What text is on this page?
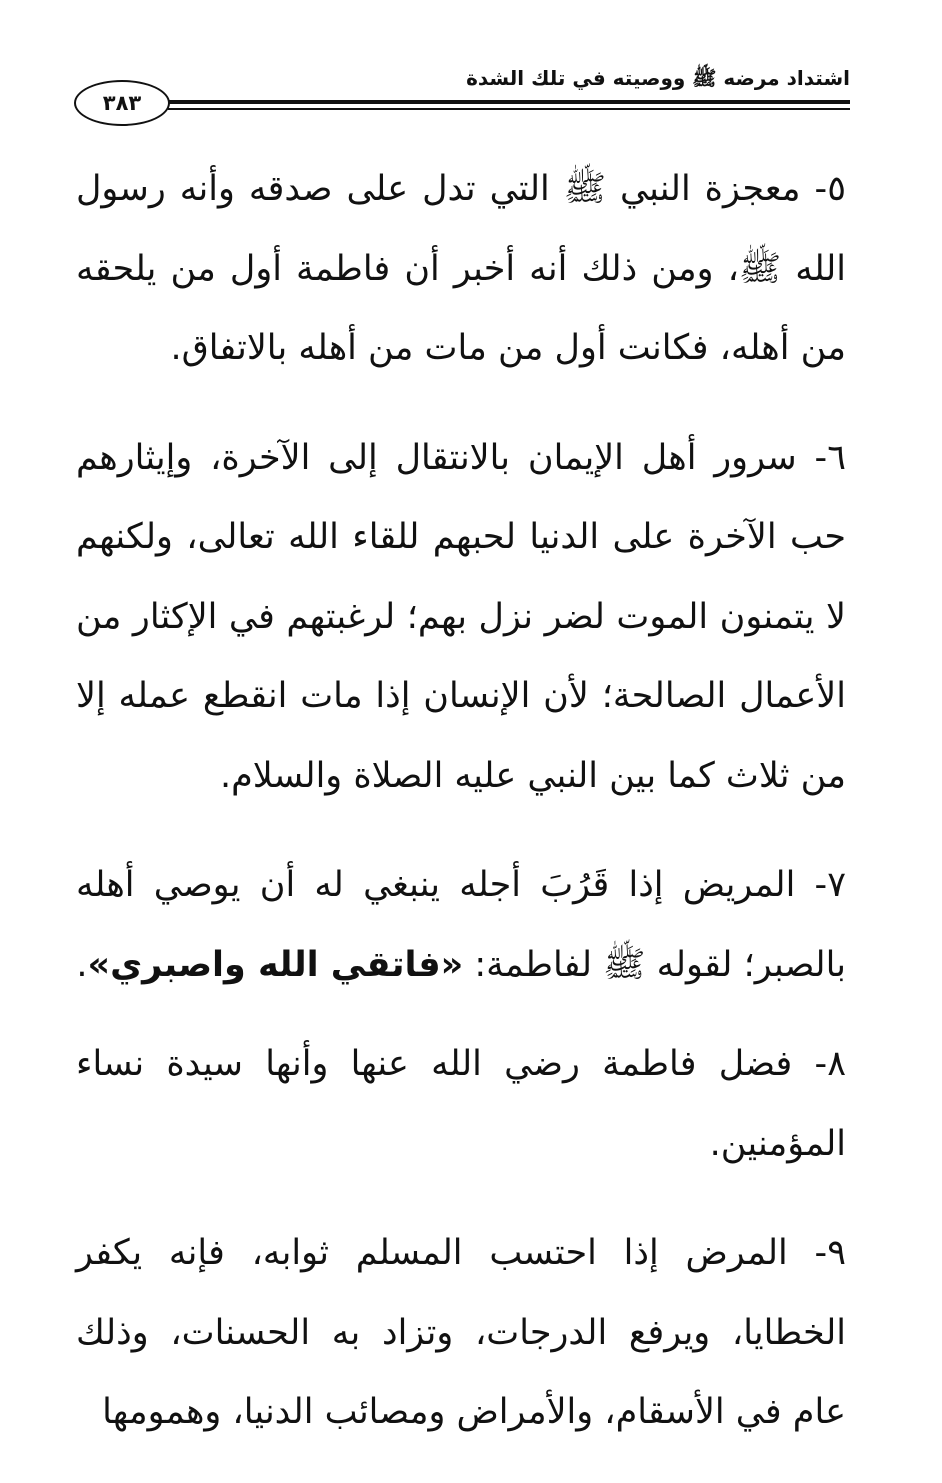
اشتداد مرضه ﷺ ووصيته في تلك الشدة
٣٨٣

٥- معجزة النبي ﷺ التي تدل على صدقه وأنه رسول الله ﷺ، ومن ذلك أنه أخبر أن فاطمة أول من يلحقه من أهله، فكانت أول من مات من أهله بالاتفاق.

٦- سرور أهل الإيمان بالانتقال إلى الآخرة، وإيثارهم حب الآخرة على الدنيا لحبهم للقاء الله تعالى، ولكنهم لا يتمنون الموت لضر نزل بهم؛ لرغبتهم في الإكثار من الأعمال الصالحة؛ لأن الإنسان إذا مات انقطع عمله إلا من ثلاث كما بين النبي عليه الصلاة والسلام.

٧- المريض إذا قَرُبَ أجله ينبغي له أن يوصي أهله بالصبر؛ لقوله ﷺ لفاطمة: «فاتقي الله واصبري».

٨- فضل فاطمة رضي الله عنها وأنها سيدة نساء المؤمنين.

٩- المرض إذا احتسب المسلم ثوابه، فإنه يكفر الخطايا، ويرفع الدرجات، وتزاد به الحسنات، وذلك عام في الأسقام، والأمراض ومصائب الدنيا، وهمومها
